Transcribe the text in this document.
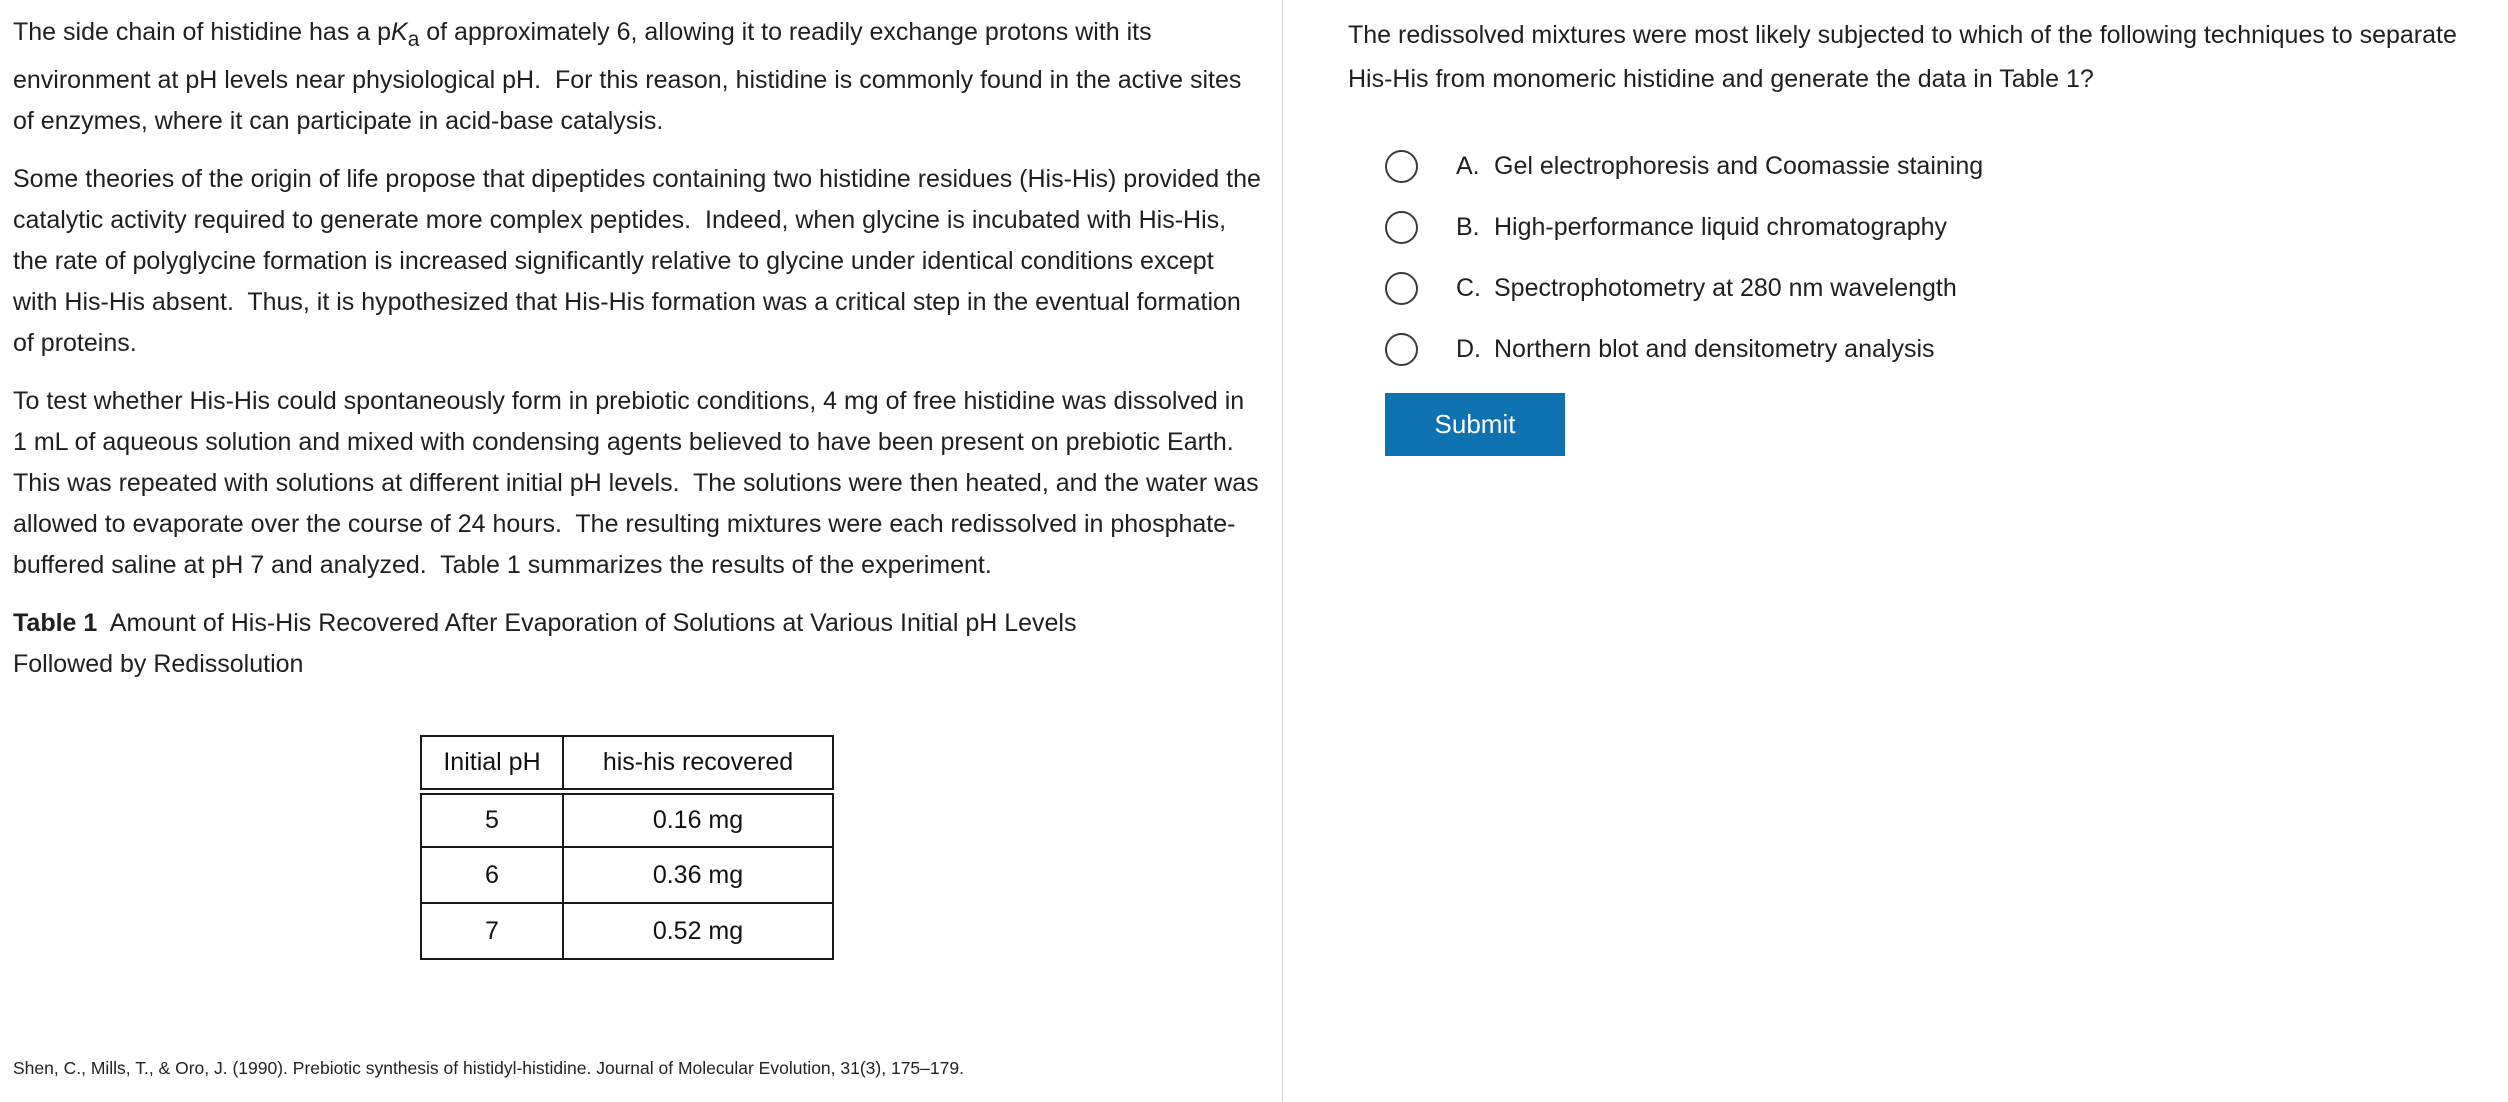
The side chain of histidine has a $pK_a$ of approximately 6, allowing it to readily exchange protons with its environment at pH levels near physiological pH.  For this reason, histidine is commonly found in the active sites of enzymes, where it can participate in acid-base catalysis.

Some theories of the origin of life propose that dipeptides containing two histidine residues (His-His) provided the catalytic activity required to generate more complex peptides.  Indeed, when glycine is incubated with His-His, the rate of polyglycine formation is increased significantly relative to glycine under identical conditions except with His-His absent.  Thus, it is hypothesized that His-His formation was a critical step in the eventual formation of proteins.

To test whether His-His could spontaneously form in prebiotic conditions, 4 mg of free histidine was dissolved in 1 mL of aqueous solution and mixed with condensing agents believed to have been present on prebiotic Earth.  This was repeated with solutions at different initial pH levels.  The solutions were then heated, and the water was allowed to evaporate over the course of 24 hours.  The resulting mixtures were each redissolved in phosphate-buffered saline at pH 7 and analyzed.  Table 1 summarizes the results of the experiment.

Table 1  Amount of His-His Recovered After Evaporation of Solutions at Various Initial pH Levels Followed by Redissolution

Initial pH	his-his recovered
5	0.16 mg
6	0.36 mg
7	0.52 mg

Shen, C., Mills, T., & Oro, J. (1990). Prebiotic synthesis of histidyl-histidine. Journal of Molecular Evolution, 31(3), 175–179.

The redissolved mixtures were most likely subjected to which of the following techniques to separate His-His from monomeric histidine and generate the data in Table 1?

A. Gel electrophoresis and Coomassie staining
B. High-performance liquid chromatography
C. Spectrophotometry at 280 nm wavelength
D. Northern blot and densitometry analysis
Submit
